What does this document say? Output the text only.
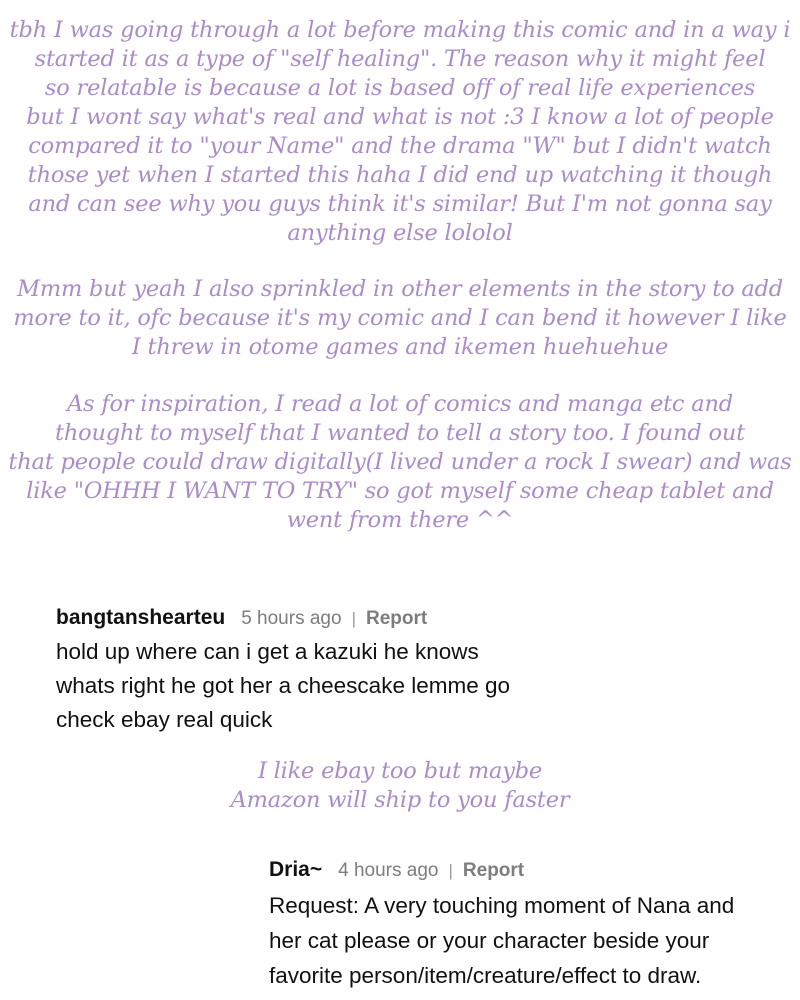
tbh I was going through a lot before making this comic and in a way i
started it as a type of "self healing". The reason why it might feel
so relatable is because a lot is based off of real life experiences
but I wont say what's real and what is not :3 I know a lot of people
compared it to "your Name" and the drama "W" but I didn't watch
those yet when I started this haha I did end up watching it though
and can see why you guys think it's similar! But I'm not gonna say
anything else lololol
Mmm but yeah I also sprinkled in other elements in the story to add
more to it, ofc because it's my comic and I can bend it however I like
I threw in otome games and ikemen huehuehue
As for inspiration, I read a lot of comics and manga etc and
thought to myself that I wanted to tell a story too. I found out
that people could draw digitally(I lived under a rock I swear) and was
like "OHHH I WANT TO TRY" so got myself some cheap tablet and
went from there ^^
bangtanshearteu 5 hours ago | Report
hold up where can i get a kazuki he knows
whats right he got her a cheescake lemme go
check ebay real quick
I like ebay too but maybe
Amazon will ship to you faster
Dria~ 4 hours ago | Report
Request: A very touching moment of Nana and
her cat please or your character beside your
favorite person/item/creature/effect to draw.
